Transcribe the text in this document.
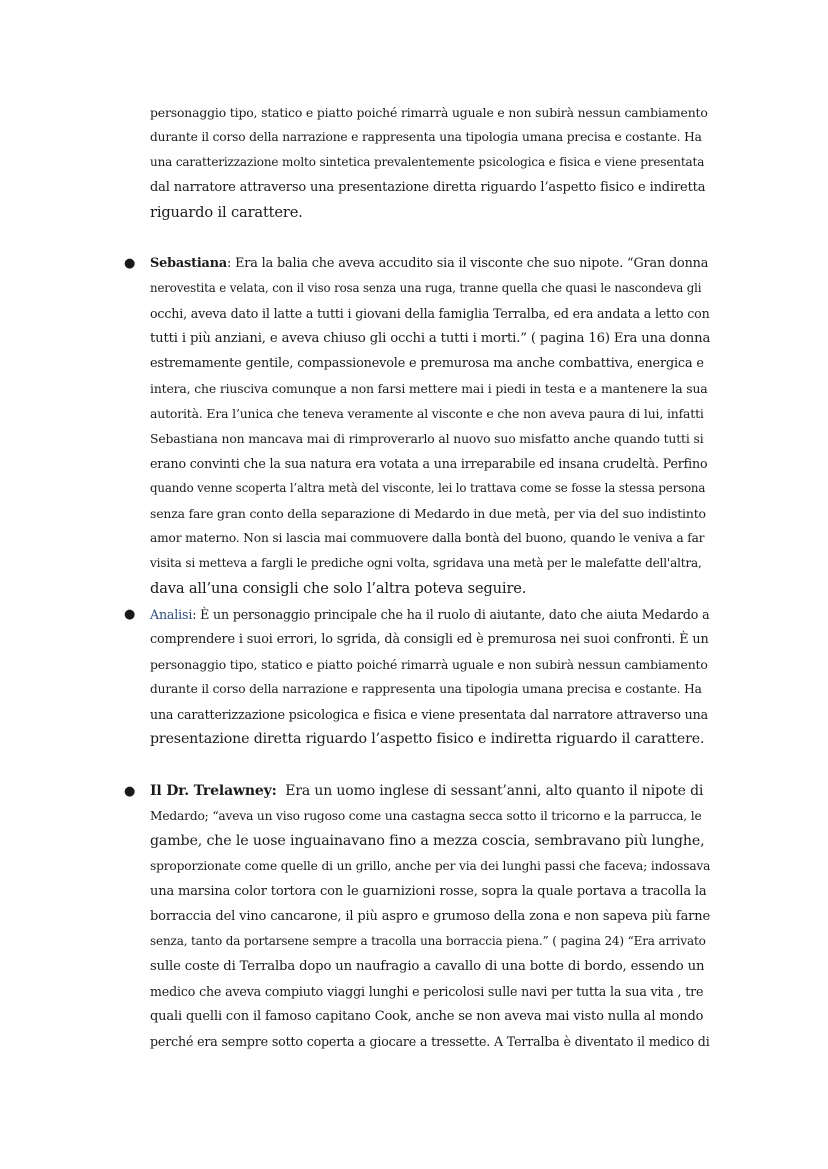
personaggio tipo, statico e piatto poiché rimarrà uguale e non subirà nessun cambiamento
durante il corso della narrazione e rappresenta una tipologia umana precisa e costante. Ha
una caratterizzazione molto sintetica prevalentemente psicologica e fisica e viene presentata
dal narratore attraverso una presentazione diretta riguardo l’aspetto fisico e indiretta
riguardo il carattere.
● Sebastiana: Era la balia che aveva accudito sia il visconte che suo nipote. “Gran donna
nerovestita e velata, con il viso rosa senza una ruga, tranne quella che quasi le nascondeva gli
occhi, aveva dato il latte a tutti i giovani della famiglia Terralba, ed era andata a letto con
tutti i più anziani, e aveva chiuso gli occhi a tutti i morti.” ( pagina 16) Era una donna
estremamente gentile, compassionevole e premurosa ma anche combattiva, energica e
intera, che riusciva comunque a non farsi mettere mai i piedi in testa e a mantenere la sua
autorità. Era l’unica che teneva veramente al visconte e che non aveva paura di lui, infatti
Sebastiana non mancava mai di rimproverarlo al nuovo suo misfatto anche quando tutti si
erano convinti che la sua natura era votata a una irreparabile ed insana crudeltà. Perfino
quando venne scoperta l’altra metà del visconte, lei lo trattava come se fosse la stessa persona
senza fare gran conto della separazione di Medardo in due metà, per via del suo indistinto
amor materno. Non si lascia mai commuovere dalla bontà del buono, quando le veniva a far
visita si metteva a fargli le prediche ogni volta, sgridava una metà per le malefatte dell'altra,
dava all’una consigli che solo l’altra poteva seguire.
● Analisi: È un personaggio principale che ha il ruolo di aiutante, dato che aiuta Medardo a
comprendere i suoi errori, lo sgrida, dà consigli ed è premurosa nei suoi confronti. È un
personaggio tipo, statico e piatto poiché rimarrà uguale e non subirà nessun cambiamento
durante il corso della narrazione e rappresenta una tipologia umana precisa e costante. Ha
una caratterizzazione psicologica e fisica e viene presentata dal narratore attraverso una
presentazione diretta riguardo l’aspetto fisico e indiretta riguardo il carattere.
● Il Dr. Trelawney:  Era un uomo inglese di sessant’anni, alto quanto il nipote di
Medardo; “aveva un viso rugoso come una castagna secca sotto il tricorno e la parrucca, le
gambe, che le uose inguainavano fino a mezza coscia, sembravano più lunghe,
sproporzionate come quelle di un grillo, anche per via dei lunghi passi che faceva; indossava
una marsina color tortora con le guarnizioni rosse, sopra la quale portava a tracolla la
borraccia del vino cancarone, il più aspro e grumoso della zona e non sapeva più farne
senza, tanto da portarsene sempre a tracolla una borraccia piena.” ( pagina 24) “Era arrivato
sulle coste di Terralba dopo un naufragio a cavallo di una botte di bordo, essendo un
medico che aveva compiuto viaggi lunghi e pericolosi sulle navi per tutta la sua vita , tre
quali quelli con il famoso capitano Cook, anche se non aveva mai visto nulla al mondo
perché era sempre sotto coperta a giocare a tressette. A Terralba è diventato il medico di
